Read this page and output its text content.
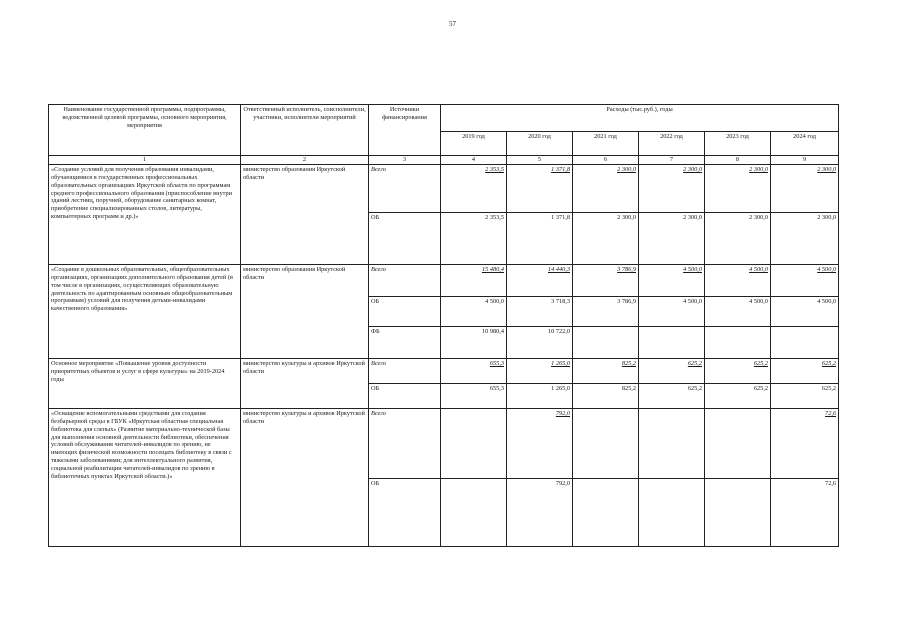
57
Наименование государственной программы, подпрограммы, ведомственной целевой программы, основного мероприятия, мероприятия	Ответственный исполнитель, соисполнители, участники, исполнители мероприятий	Источники финансирования	Расходы (тыс.руб.), годы					
			2019 год	2020 год	2021 год	2022 год	2023 год	2024 год
1	2	3	4	5	6	7	8	9
«Создание условий для получения образования инвалидами, обучающимися в государственных профессиональных образовательных организациях Иркутской области по программам среднего профессионального образования (приспособление внутри зданий лестниц, поручней, оборудование санитарных комнат, приобретение специализированных столов, литературы, компьютерных программ и др.)»	министерство образования Иркутской области	Всего	2 353,5	1 371,8	2 300,0	2 300,0	2 300,0	2 300,0
		ОБ	2 353,5	1 371,8	2 300,0	2 300,0	2 300,0	2 300,0
«Создание в дошкольных образовательных, общеобразовательных организациях, организациях дополнительного образования детей (в том числе в организациях, осуществляющих образовательную деятельность по адаптированным основным общеобразовательным программам) условий для получения детьми-инвалидами качественного образования»	министерство образования Иркутской области	Всего	15 480,4	14 440,3	3 786,9	4 500,0	4 500,0	4 500,0
		ОБ	4 500,0	3 718,3	3 786,9	4 500,0	4 500,0	4 500,0
		ФБ	10 980,4	10 722,0				
Основное мероприятие «Повышение уровня доступности приоритетных объектов и услуг в сфере культуры» на 2019-2024 годы	министерство культуры и архивов Иркутской области	Всего	655,3	1 265,0	825,2	625,2	625,2	625,2
		ОБ	655,3	1 265,0	825,2	625,2	625,2	625,2
«Оснащение вспомогательными средствами для создания безбарьерной среды в ГБУК «Иркутская областная специальная библиотека для слепых» (Развитие материально-технической базы для выполнения основной деятельности библиотеки, обеспечения условий обслуживания читателей-инвалидов по зрению, не имеющих физической возможности посещать библиотеку в связи с тяжелыми заболеваниями; для интеллектуального развития, социальной реабилитации читателей-инвалидов по зрению в библиотечных пунктах Иркутской области.)»	министерство культуры и архивов Иркутской области	Всего		792,0				72,6
		ОБ		792,0				72,6
